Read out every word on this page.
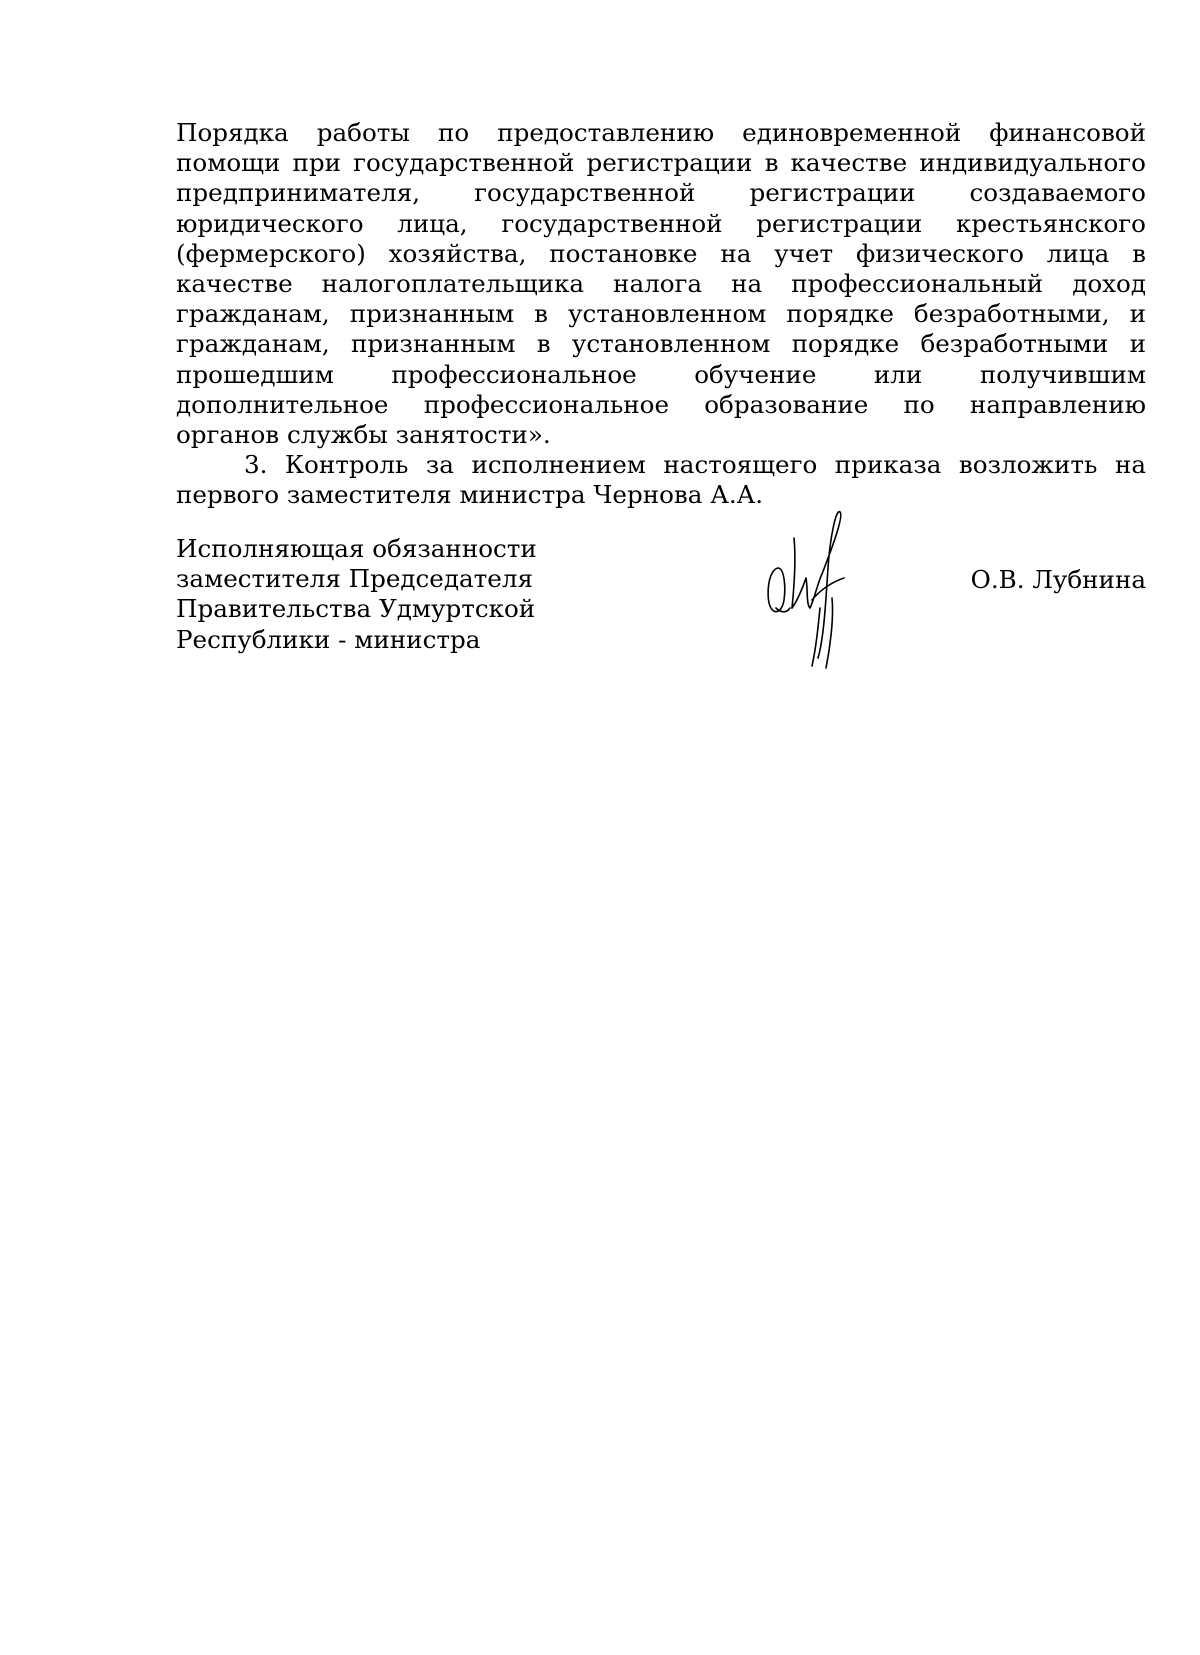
Порядка работы по предоставлению единовременной финансовой помощи при государственной регистрации в качестве индивидуального предпринимателя, государственной регистрации создаваемого юридического лица, государственной регистрации крестьянского (фермерского) хозяйства, постановке на учет физического лица в качестве налогоплательщика налога на профессиональный доход гражданам, признанным в установленном порядке безработными, и гражданам, признанным в установленном порядке безработными и прошедшим профессиональное обучение или получившим дополнительное профессиональное образование по направлению органов службы занятости».

3. Контроль за исполнением настоящего приказа возложить на первого заместителя министра Чернова А.А.

Исполняющая обязанности
заместителя Председателя
Правительства Удмуртской
Республики - министра
О.В. Лубнина
